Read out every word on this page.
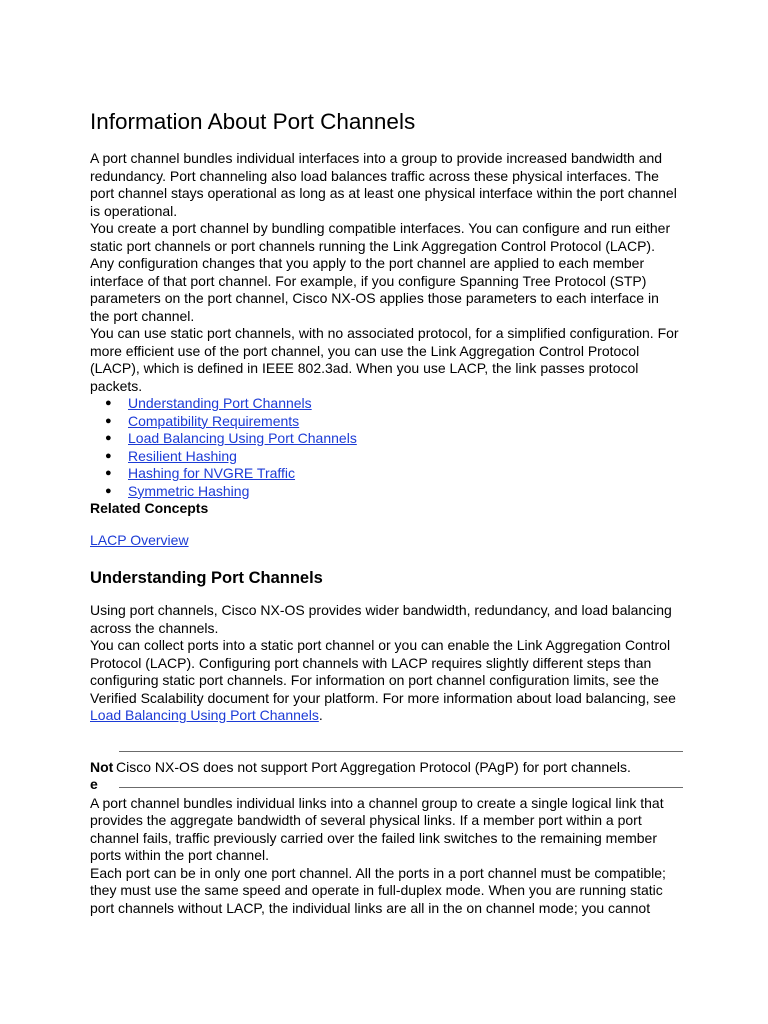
Information About Port Channels

A port channel bundles individual interfaces into a group to provide increased bandwidth and redundancy. Port channeling also load balances traffic across these physical interfaces. The port channel stays operational as long as at least one physical interface within the port channel is operational.

You create a port channel by bundling compatible interfaces. You can configure and run either static port channels or port channels running the Link Aggregation Control Protocol (LACP).

Any configuration changes that you apply to the port channel are applied to each member interface of that port channel. For example, if you configure Spanning Tree Protocol (STP) parameters on the port channel, Cisco NX-OS applies those parameters to each interface in the port channel.

You can use static port channels, with no associated protocol, for a simplified configuration. For more efficient use of the port channel, you can use the Link Aggregation Control Protocol (LACP), which is defined in IEEE 802.3ad. When you use LACP, the link passes protocol packets.

● Understanding Port Channels
● Compatibility Requirements
● Load Balancing Using Port Channels
● Resilient Hashing
● Hashing for NVGRE Traffic
● Symmetric Hashing
Related Concepts
LACP Overview
Understanding Port Channels

Using port channels, Cisco NX-OS provides wider bandwidth, redundancy, and load balancing across the channels.

You can collect ports into a static port channel or you can enable the Link Aggregation Control Protocol (LACP). Configuring port channels with LACP requires slightly different steps than configuring static port channels. For information on port channel configuration limits, see the Verified Scalability document for your platform. For more information about load balancing, see Load Balancing Using Port Channels.

Note
Cisco NX-OS does not support Port Aggregation Protocol (PAgP) for port channels.

A port channel bundles individual links into a channel group to create a single logical link that provides the aggregate bandwidth of several physical links. If a member port within a port channel fails, traffic previously carried over the failed link switches to the remaining member ports within the port channel.

Each port can be in only one port channel. All the ports in a port channel must be compatible; they must use the same speed and operate in full-duplex mode. When you are running static port channels without LACP, the individual links are all in the on channel mode; you cannot
